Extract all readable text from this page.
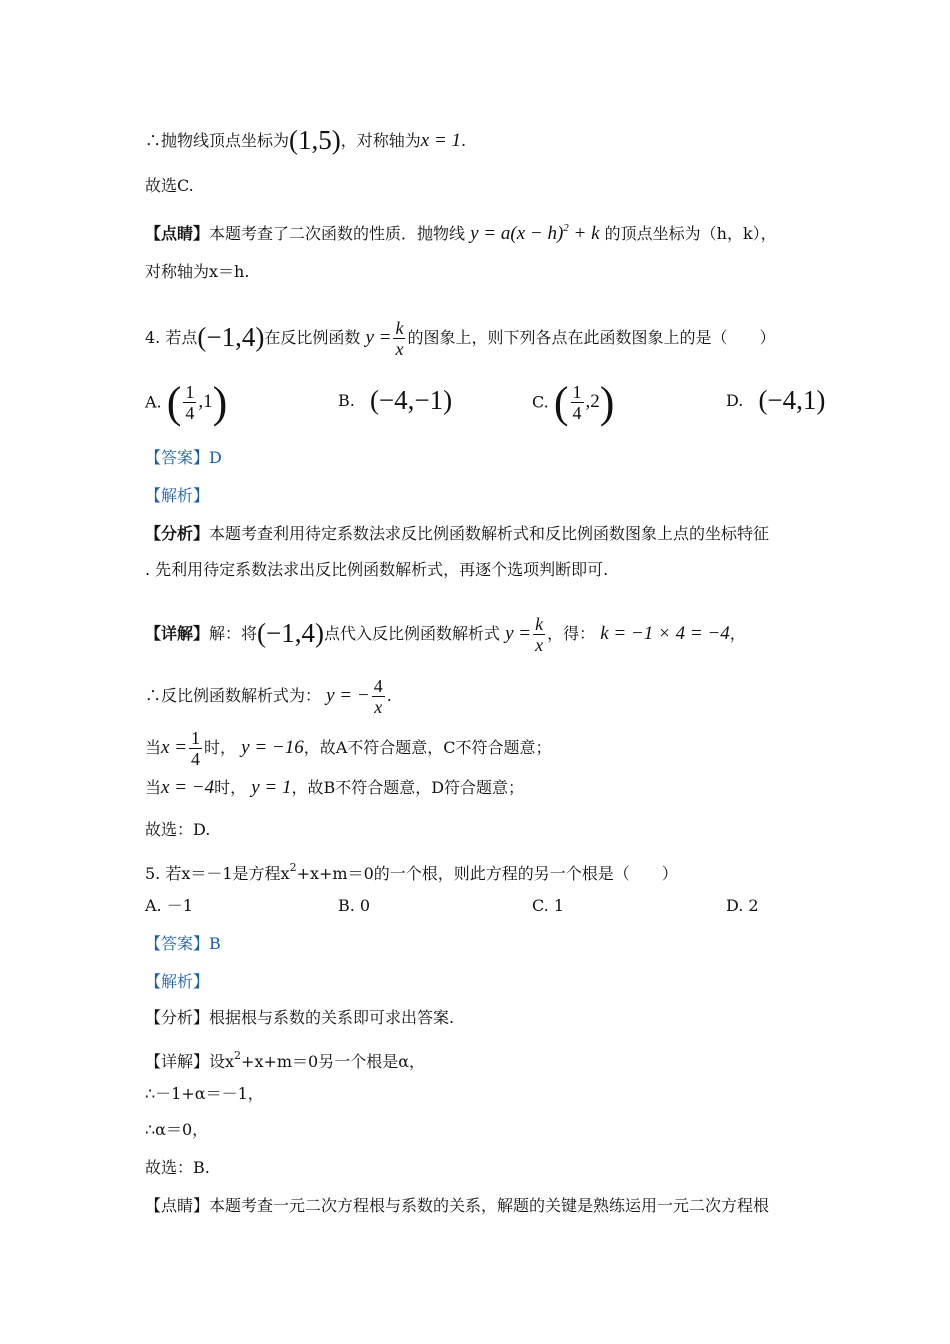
∴抛物线顶点坐标为(1,5)，对称轴为x = 1.
故选C.
【点睛】本题考查了二次函数的性质．抛物线 $y = a(x - h)^2 + k$ 的顶点坐标为（h，k），
对称轴为x＝h.
4. 若点(−1,4)在反比例函数 $y = \frac{k}{x}$ 的图象上，则下列各点在此函数图象上的是（　　）
A. ( $\frac{1}{4} ,1$)	B. (−4,−1)	C. ( $\frac{1}{4} ,2$)	D. (−4,1)
【答案】D
【解析】
【分析】本题考查利用待定系数法求反比例函数解析式和反比例函数图象上点的坐标特征
. 先利用待定系数法求出反比例函数解析式，再逐个选项判断即可.
【详解】解：将(−1,4)点代入反比例函数解析式 $y = \frac{k}{x}$ ，得： k = −1 × 4 = −4，
∴反比例函数解析式为： y = − $\frac{4}{x}$ .
当$x = \frac{1}{4}$ 时， y = −16，故A不符合题意，C不符合题意；
当x = −4时， y = 1，故B不符合题意，D符合题意；
故选：D.
5. 若x＝－1是方程$x^2+x+m=0$的一个根，则此方程的另一个根是（　　）
A. －1	B. 0	C. 1	D. 2
【答案】B
【解析】
【分析】根据根与系数的关系即可求出答案.
【详解】设$x^2+x+m=0$另一个根是α，
∴－1+α＝－1，
∴α＝0，
故选：B.
【点睛】本题考查一元二次方程根与系数的关系，解题的关键是熟练运用一元二次方程根
